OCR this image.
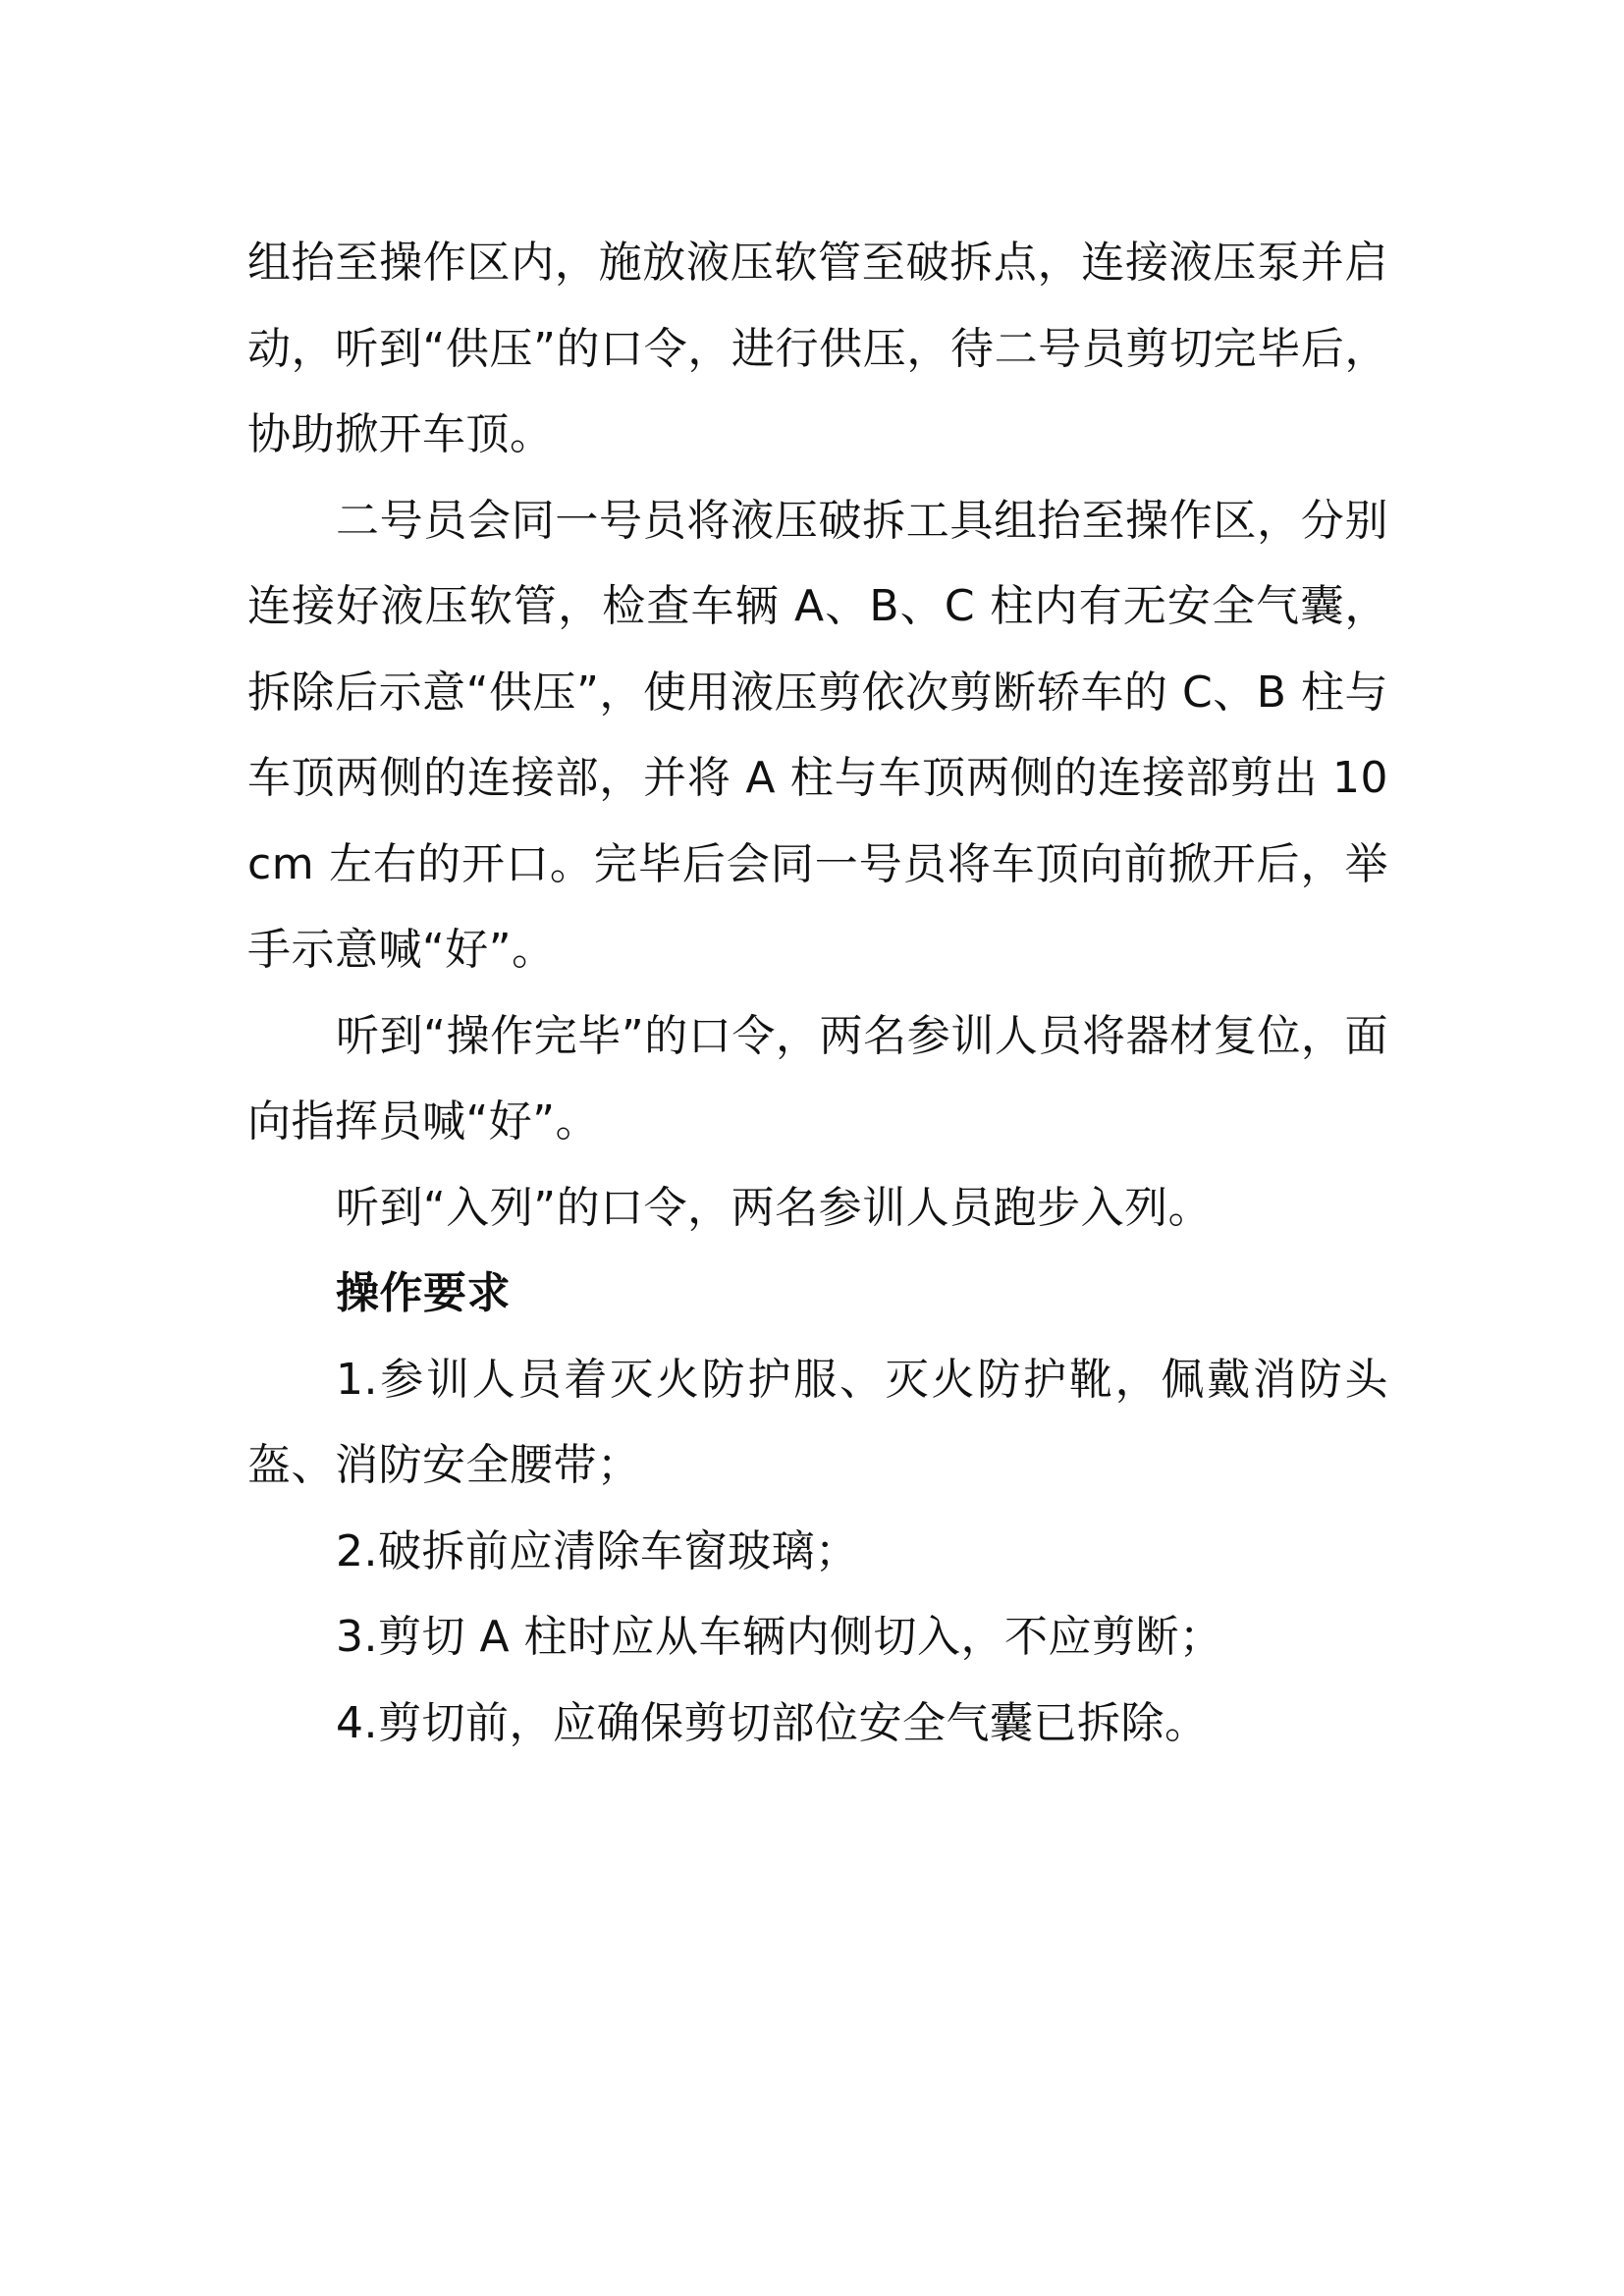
组抬至操作区内，施放液压软管至破拆点，连接液压泵并启动，听到“供压”的口令，进行供压，待二号员剪切完毕后，协助掀开车顶。

二号员会同一号员将液压破拆工具组抬至操作区，分别连接好液压软管，检查车辆 A、B、C 柱内有无安全气囊，拆除后示意“供压”，使用液压剪依次剪断轿车的 C、B 柱与车顶两侧的连接部，并将 A 柱与车顶两侧的连接部剪出 10cm 左右的开口。完毕后会同一号员将车顶向前掀开后，举手示意喊“好”。

听到“操作完毕”的口令，两名参训人员将器材复位，面向指挥员喊“好”。

听到“入列”的口令，两名参训人员跑步入列。

操作要求

1.参训人员着灭火防护服、灭火防护靴，佩戴消防头盔、消防安全腰带；

2.破拆前应清除车窗玻璃；

3.剪切 A 柱时应从车辆内侧切入，不应剪断；

4.剪切前，应确保剪切部位安全气囊已拆除。
